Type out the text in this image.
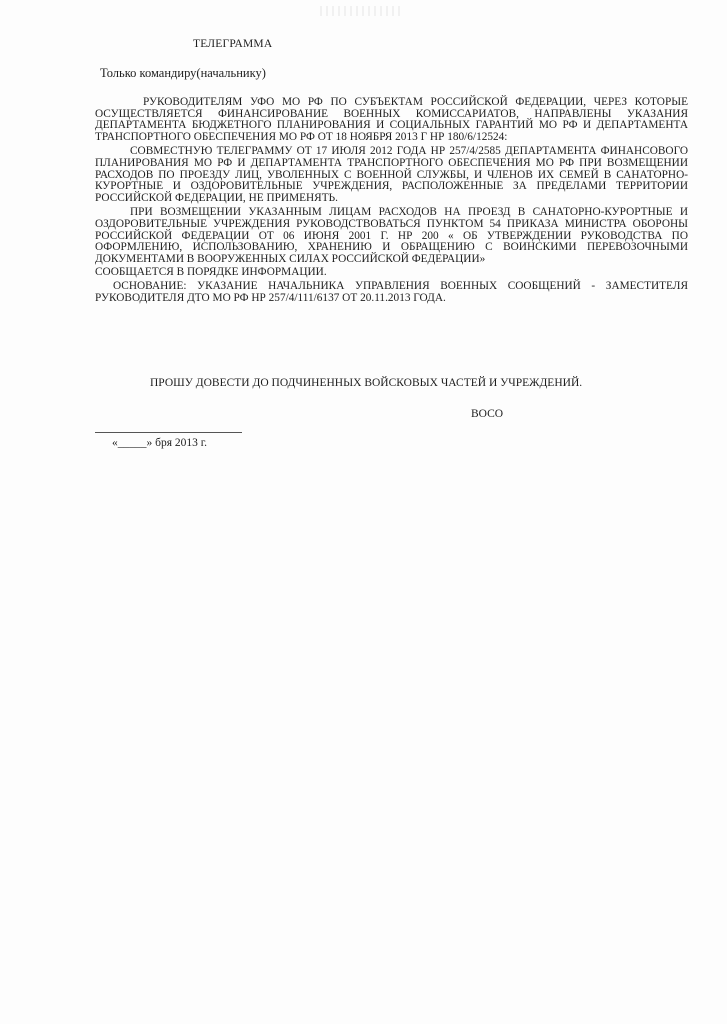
ТЕЛЕГРАММА
Только командиру(начальнику)

РУКОВОДИТЕЛЯМ УФО МО РФ ПО СУБЪЕКТАМ РОССИЙСКОЙ ФЕДЕРАЦИИ, ЧЕРЕЗ КОТОРЫЕ ОСУЩЕСТВЛЯЕТСЯ ФИНАНСИРОВАНИЕ ВОЕННЫХ КОМИССАРИАТОВ, НАПРАВЛЕНЫ УКАЗАНИЯ ДЕПАРТАМЕНТА БЮДЖЕТНОГО ПЛАНИРОВАНИЯ И СОЦИАЛЬНЫХ ГАРАНТИЙ МО РФ И ДЕПАРТАМЕНТА ТРАНСПОРТНОГО ОБЕСПЕЧЕНИЯ МО РФ ОТ 18 НОЯБРЯ 2013 Г НР 180/6/12524:

СОВМЕСТНУЮ ТЕЛЕГРАММУ ОТ 17 ИЮЛЯ 2012 ГОДА НР 257/4/2585 ДЕПАРТАМЕНТА ФИНАНСОВОГО ПЛАНИРОВАНИЯ МО РФ И ДЕПАРТАМЕНТА ТРАНСПОРТНОГО ОБЕСПЕЧЕНИЯ МО РФ ПРИ ВОЗМЕЩЕНИИ РАСХОДОВ ПО ПРОЕЗДУ ЛИЦ, УВОЛЕННЫХ С ВОЕННОЙ СЛУЖБЫ, И ЧЛЕНОВ ИХ СЕМЕЙ В САНАТОРНО-КУРОРТНЫЕ И ОЗДОРОВИТЕЛЬНЫЕ УЧРЕЖДЕНИЯ, РАСПОЛОЖЕННЫЕ ЗА ПРЕДЕЛАМИ ТЕРРИТОРИИ РОССИЙСКОЙ ФЕДЕРАЦИИ, НЕ ПРИМЕНЯТЬ.

ПРИ ВОЗМЕЩЕНИИ УКАЗАННЫМ ЛИЦАМ РАСХОДОВ НА ПРОЕЗД В САНАТОРНО-КУРОРТНЫЕ И ОЗДОРОВИТЕЛЬНЫЕ УЧРЕЖДЕНИЯ РУКОВОДСТВОВАТЬСЯ ПУНКТОМ 54 ПРИКАЗА МИНИСТРА ОБОРОНЫ РОССИЙСКОЙ ФЕДЕРАЦИИ ОТ 06 ИЮНЯ 2001 Г. НР 200 « ОБ УТВЕРЖДЕНИИ РУКОВОДСТВА ПО ОФОРМЛЕНИЮ, ИСПОЛЬЗОВАНИЮ, ХРАНЕНИЮ И ОБРАЩЕНИЮ С ВОИНСКИМИ ПЕРЕВОЗОЧНЫМИ ДОКУМЕНТАМИ В ВООРУЖЕННЫХ СИЛАХ РОССИЙСКОЙ ФЕДЕРАЦИИ»

СООБЩАЕТСЯ В ПОРЯДКЕ ИНФОРМАЦИИ.

ОСНОВАНИЕ: УКАЗАНИЕ НАЧАЛЬНИКА УПРАВЛЕНИЯ ВОЕННЫХ СООБЩЕНИЙ - ЗАМЕСТИТЕЛЯ РУКОВОДИТЕЛЯ ДТО МО РФ НР 257/4/111/6137 ОТ 20.11.2013 ГОДА.

ПРОШУ ДОВЕСТИ ДО ПОДЧИНЕННЫХ ВОЙСКОВЫХ ЧАСТЕЙ И УЧРЕЖДЕНИЙ.
ВОСО
«_____» бря 2013 г.
